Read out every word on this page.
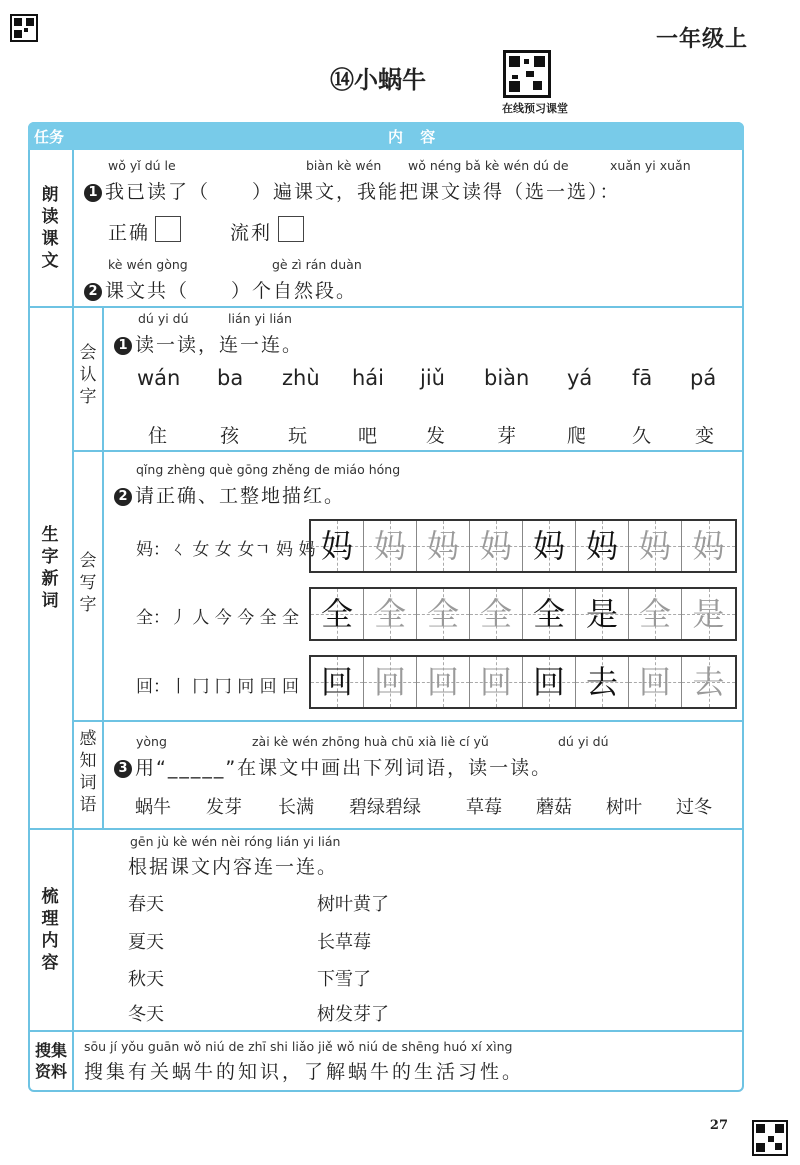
一年级上
⑭小蜗牛
在线预习课堂
任务	内 容
朗
读
课
文
wǒ yǐ dú le	biàn kè wén wǒ néng bǎ kè wén dú de	xuǎn yi xuǎn
1 我已读了（　　）遍课文，我能把课文读得（选一选）：
正确	流利
kè wén gòng	gè zì rán duàn
2 课文共（　　）个自然段。
生
字
新
词
会
认
字
会
写
字
感
知
词
语
dú yi dú	lián yi lián
1 读一读，连一连。
wán ba zhù hái jiǔ biàn yá fā pá
住	孩	玩	吧	发	芽	爬 久 变
qǐng zhèng què gōng zhěng de miáo hóng
2 请正确、工整地描红。
妈：ㄑ 女 女 女ㄱ 妈 妈 妈 妈 妈 妈 妈 妈 妈 妈
全：丿 人 今 今 全 全 全 全 全 全 全 是 全 是
回：丨 冂 冂 冋 回 回 回 回 回 回 回 去 回 去
yòng	zài kè wén zhōng huà chū xià liè cí yǔ	dú yi dú
3 用“_____”在课文中画出下列词语，读一读。
蜗牛 发芽 长满 碧绿碧绿	草莓 蘑菇 树叶 过冬
梳
理
内
容
gēn jù kè wén nèi róng lián yi lián
根据课文内容连一连。
春天
夏天
秋天
冬天
树叶黄了
长草莓
下雪了
树发芽了
搜集
资料
sōu jí yǒu guān wǒ niú de zhī shi liǎo jiě wǒ niú de shēng huó xí xìng
搜集有关蜗牛的知识，了解蜗牛的生活习性。
27
